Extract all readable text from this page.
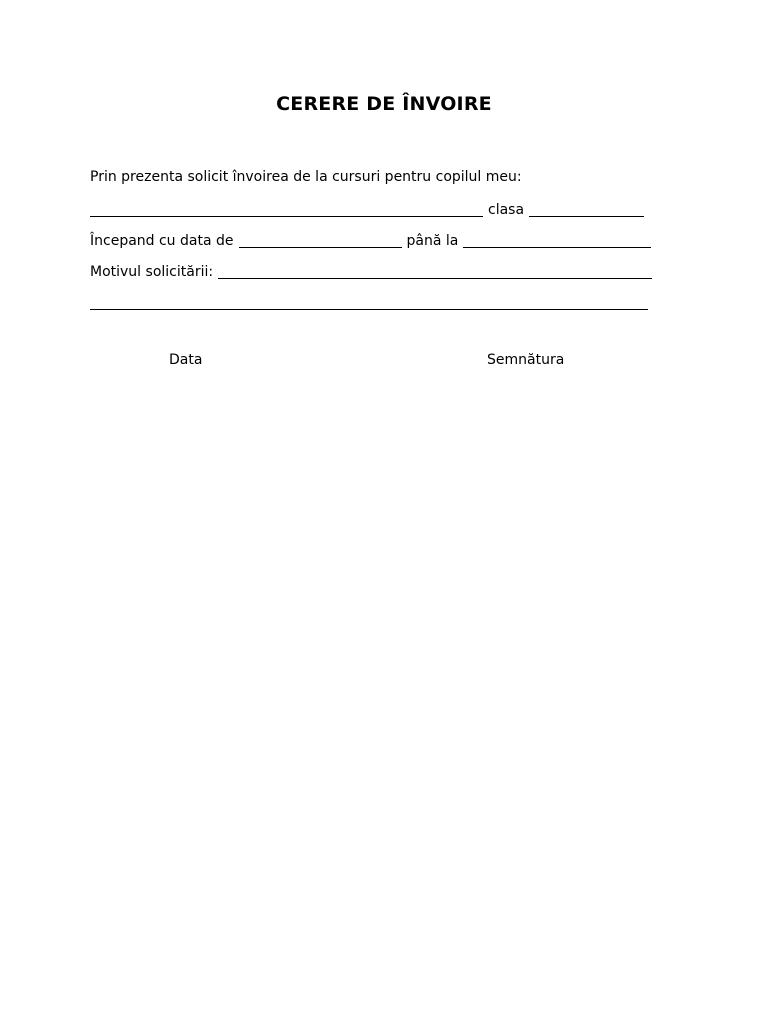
CERERE DE ÎNVOIRE
Prin prezenta solicit învoirea de la cursuri pentru copilul meu:
clasa
Începand cu data de	până la
Motivul solicitării:
Data	Semnătura
